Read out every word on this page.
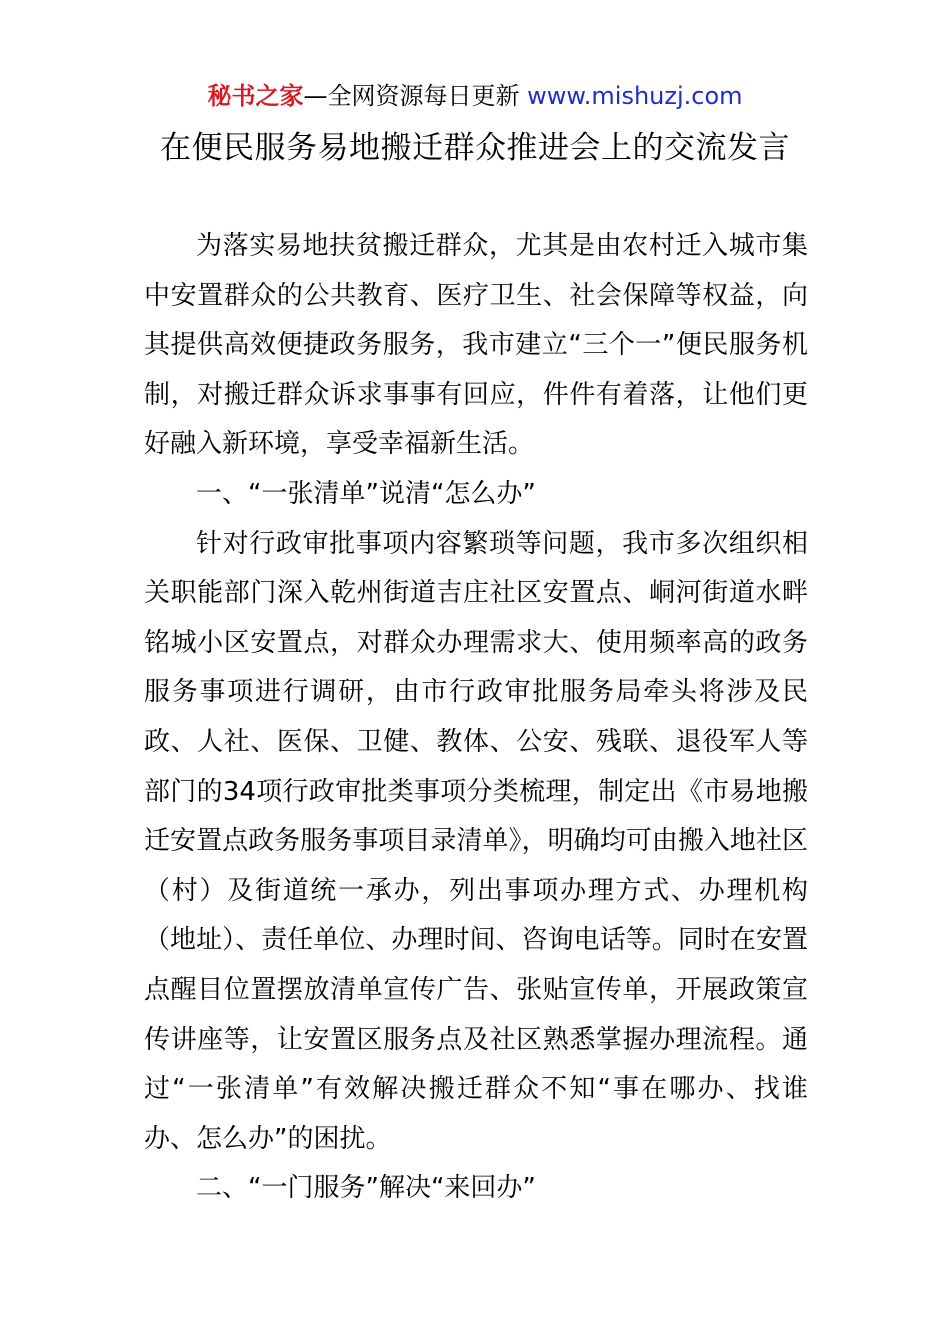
秘书之家—全网资源每日更新 www.mishuzj.com
在便民服务易地搬迁群众推进会上的交流发言

为落实易地扶贫搬迁群众，尤其是由农村迁入城市集中安置群众的公共教育、医疗卫生、社会保障等权益，向其提供高效便捷政务服务，我市建立“三个一”便民服务机制，对搬迁群众诉求事事有回应，件件有着落，让他们更好融入新环境，享受幸福新生活。

一、“一张清单”说清“怎么办”

针对行政审批事项内容繁琐等问题，我市多次组织相关职能部门深入乾州街道吉庄社区安置点、峒河街道水畔铭城小区安置点，对群众办理需求大、使用频率高的政务服务事项进行调研，由市行政审批服务局牵头将涉及民政、人社、医保、卫健、教体、公安、残联、退役军人等部门的34项行政审批类事项分类梳理，制定出《市易地搬迁安置点政务服务事项目录清单》，明确均可由搬入地社区（村）及街道统一承办，列出事项办理方式、办理机构（地址）、责任单位、办理时间、咨询电话等。同时在安置点醒目位置摆放清单宣传广告、张贴宣传单，开展政策宣传讲座等，让安置区服务点及社区熟悉掌握办理流程。通过“一张清单”有效解决搬迁群众不知“事在哪办、找谁办、怎么办”的困扰。

二、“一门服务”解决“来回办”
